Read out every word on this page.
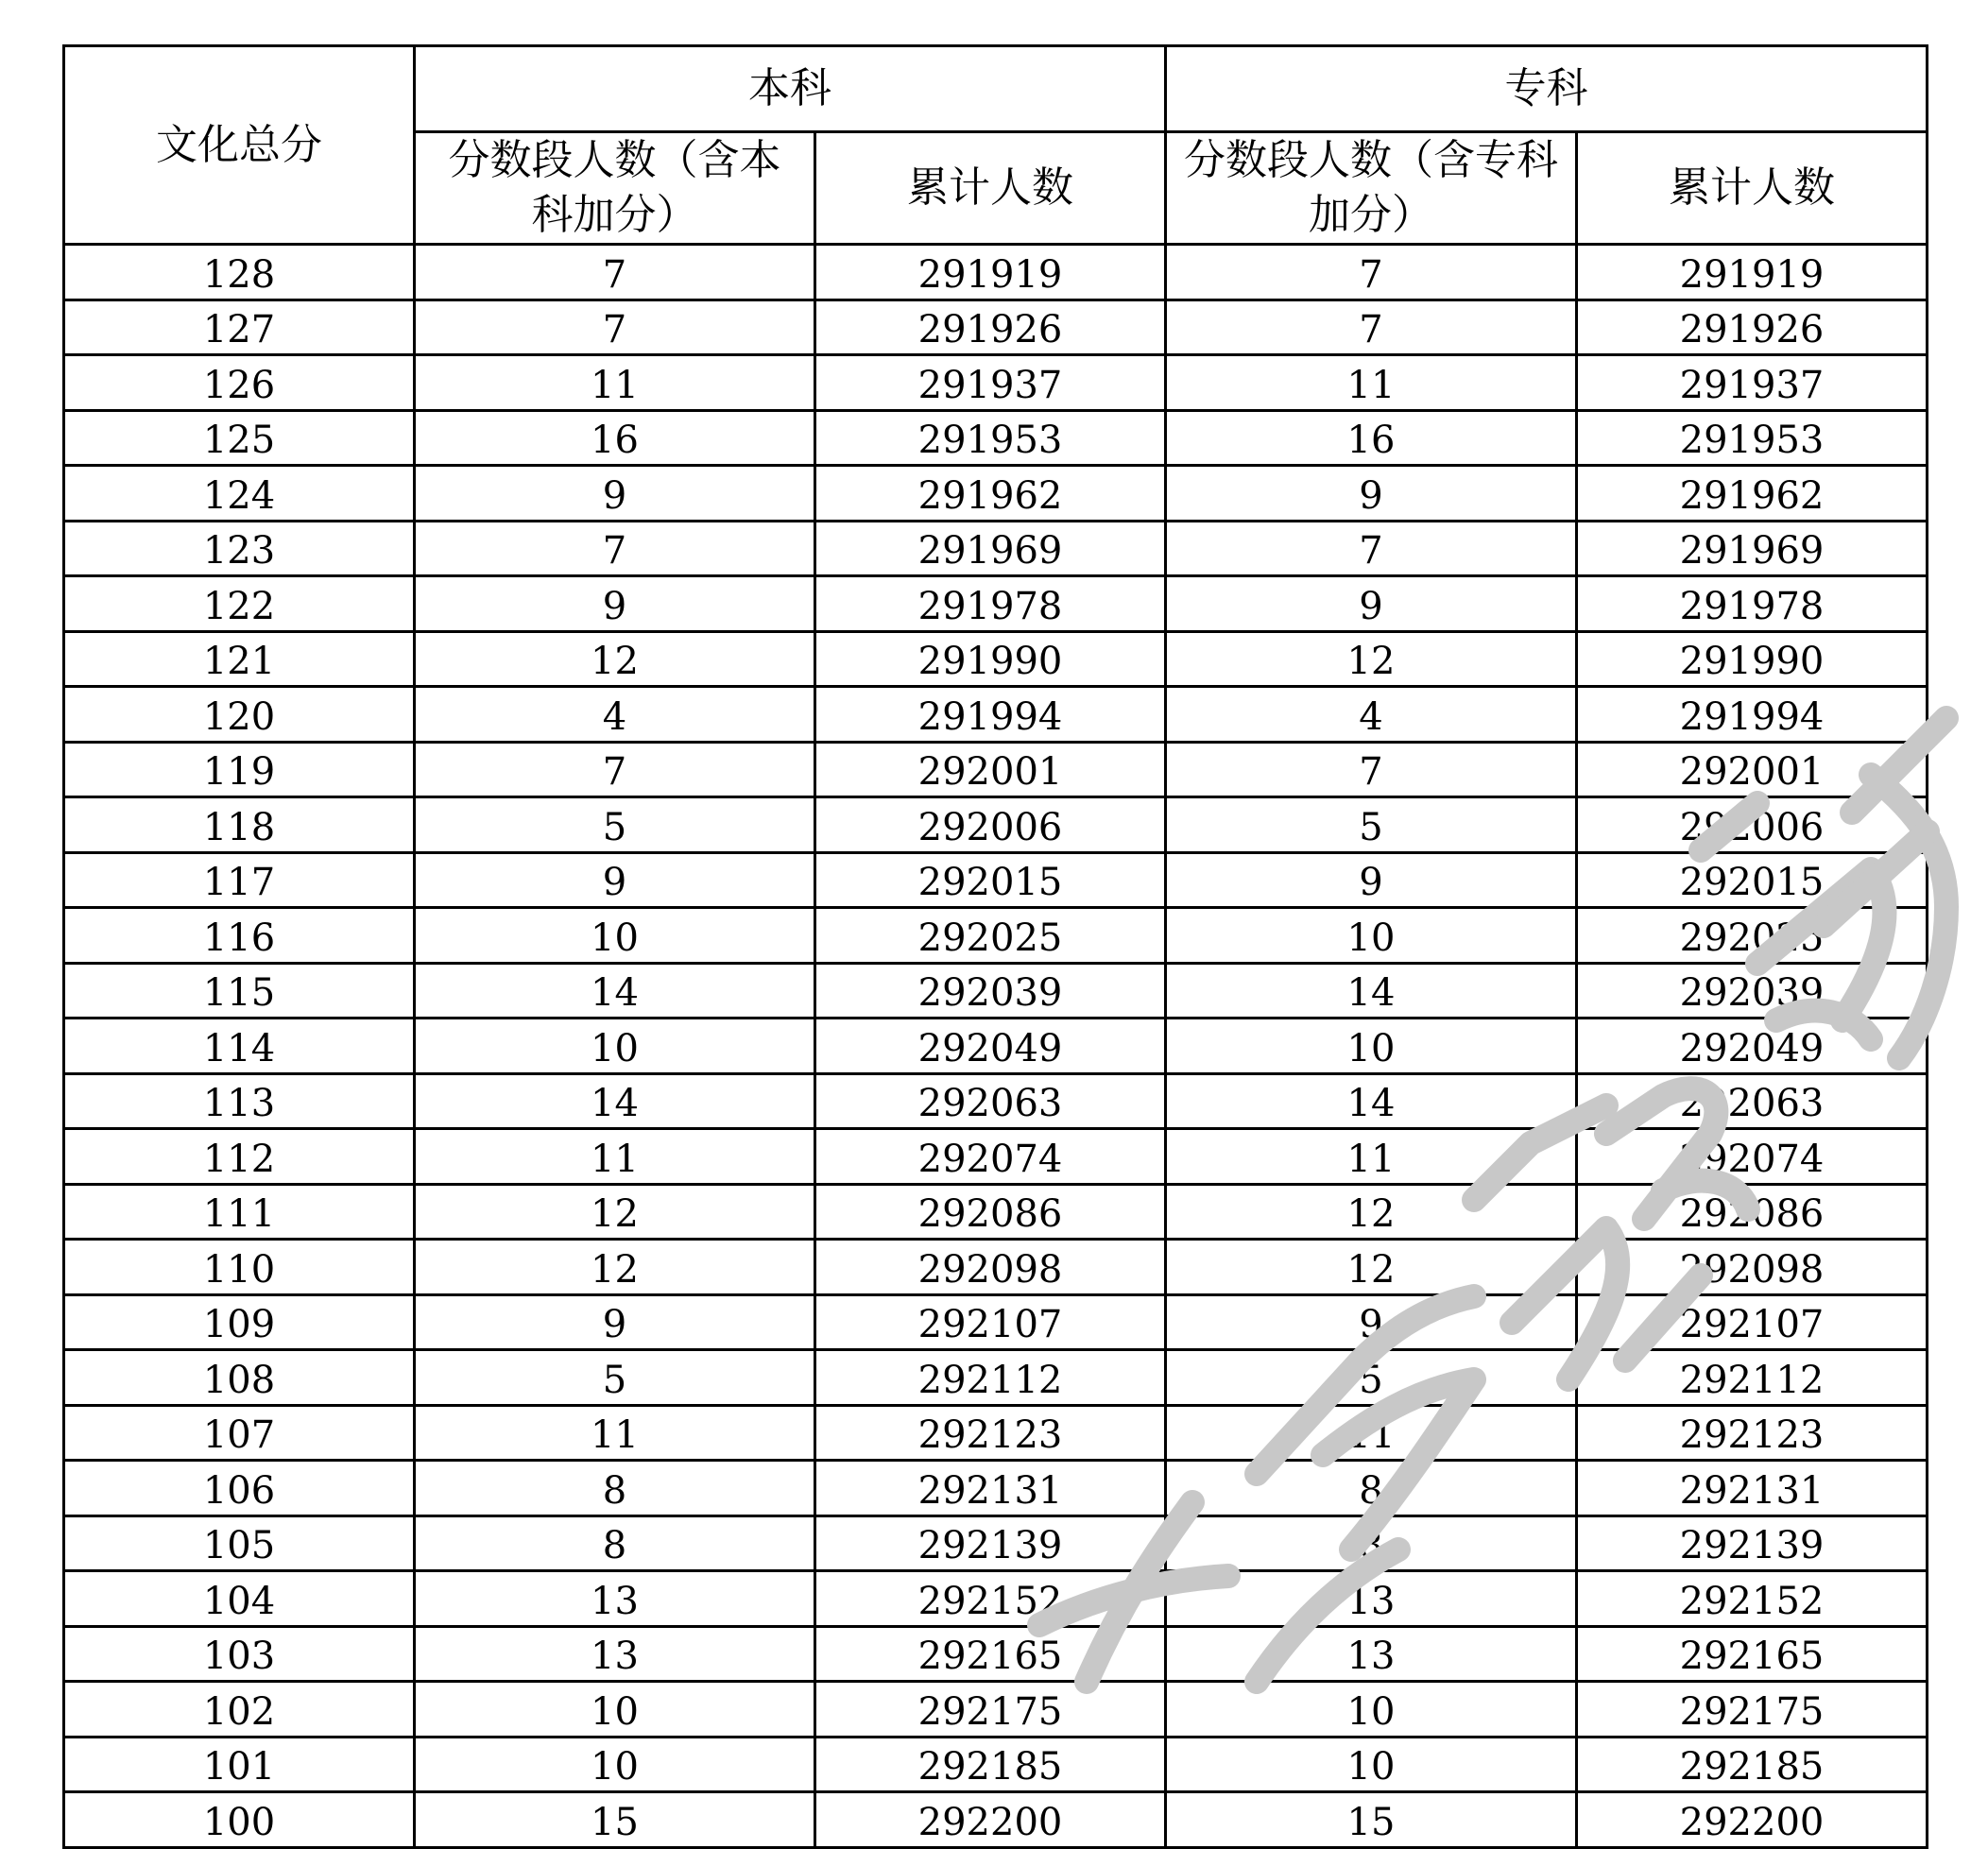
文化总分	本科		专科	

	分数段人数（含本科加分）	累计人数	分数段人数（含专科加分）	累计人数
128	7	291919	7	291919
127	7	291926	7	291926
126	11	291937	11	291937
125	16	291953	16	291953
124	9	291962	9	291962
123	7	291969	7	291969
122	9	291978	9	291978
121	12	291990	12	291990
120	4	291994	4	291994
119	7	292001	7	292001
118	5	292006	5	292006
117	9	292015	9	292015
116	10	292025	10	292025
115	14	292039	14	292039
114	10	292049	10	292049
113	14	292063	14	292063
112	11	292074	11	292074
111	12	292086	12	292086
110	12	292098	12	292098
109	9	292107	9	292107
108	5	292112	5	292112
107	11	292123	11	292123
106	8	292131	8	292131
105	8	292139	8	292139
104	13	292152	13	292152
103	13	292165	13	292165
102	10	292175	10	292175
101	10	292185	10	292185
100	15	292200	15	292200
